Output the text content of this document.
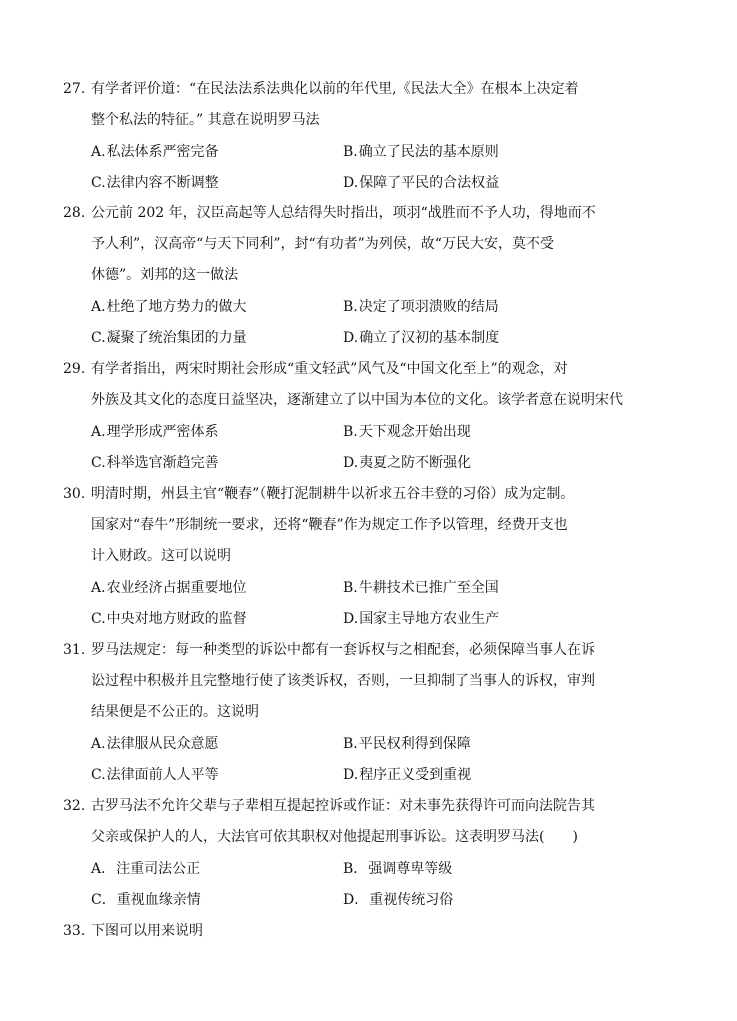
27. 有学者评价道：“在民法法系法典化以前的年代里,《民法大全》在根本上决定着
整个私法的特征。” 其意在说明罗马法
A.私法体系严密完备	B.确立了民法的基本原则
C.法律内容不断调整	D.保障了平民的合法权益
28. 公元前 202 年，汉臣高起等人总结得失时指出，项羽“战胜而不予人功，得地而不
予人利”，汉高帝“与天下同利”，封“有功者”为列侯，故“万民大安，莫不受
休德”。刘邦的这一做法
A.杜绝了地方势力的做大	B.决定了项羽溃败的结局
C.凝聚了统治集团的力量	D.确立了汉初的基本制度
29. 有学者指出，两宋时期社会形成“重文轻武”风气及“中国文化至上”的观念，对
外族及其文化的态度日益坚决，逐渐建立了以中国为本位的文化。该学者意在说明宋代
A.理学形成严密体系	B.天下观念开始出现
C.科举选官渐趋完善	D.夷夏之防不断强化
30. 明清时期，州县主官“鞭春”（鞭打泥制耕牛以祈求五谷丰登的习俗）成为定制。
国家对“春牛”形制统一要求，还将“鞭春”作为规定工作予以管理，经费开支也
计入财政。这可以说明
A.农业经济占据重要地位	B.牛耕技术已推广至全国
C.中央对地方财政的监督	D.国家主导地方农业生产
31. 罗马法规定：每一种类型的诉讼中都有一套诉权与之相配套，必须保障当事人在诉
讼过程中积极并且完整地行使了该类诉权，否则，一旦抑制了当事人的诉权，审判
结果便是不公正的。这说明
A.法律服从民众意愿	B.平民权利得到保障
C.法律面前人人平等	D.程序正义受到重视
32. 古罗马法不允许父辈与子辈相互提起控诉或作证：对未事先获得许可而向法院告其
父亲或保护人的人，大法官可依其职权对他提起刑事诉讼。这表明罗马法(　　)
A．注重司法公正	B．强调尊卑等级
C．重视血缘亲情	D．重视传统习俗
33. 下图可以用来说明
